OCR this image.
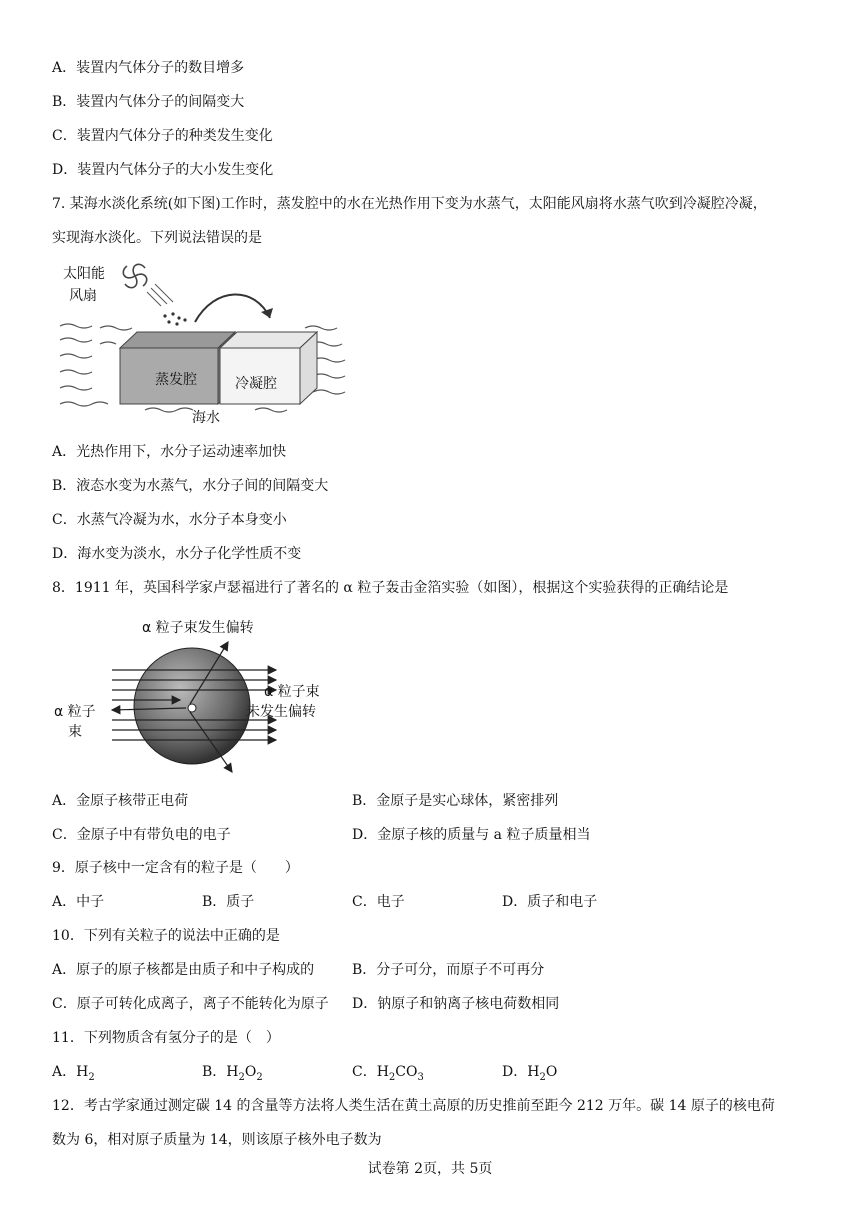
A．装置内气体分子的数目增多
B．装置内气体分子的间隔变大
C．装置内气体分子的种类发生变化
D．装置内气体分子的大小发生变化
7. 某海水淡化系统(如下图)工作时，蒸发腔中的水在光热作用下变为水蒸气，太阳能风扇将水蒸气吹到冷凝腔冷凝，
实现海水淡化。下列说法错误的是
太阳能
风扇
蒸发腔	冷凝腔
海水
A．光热作用下，水分子运动速率加快
B．液态水变为水蒸气，水分子间的间隔变大
C．水蒸气冷凝为水，水分子本身变小
D．海水变为淡水，水分子化学性质不变
8．1911 年，英国科学家卢瑟福进行了著名的 α 粒子轰击金箔实验（如图），根据这个实验获得的正确结论是
α 粒子束发生偏转
α 粒子
束
α 粒子束
未发生偏转
A．金原子核带正电荷	B．金原子是实心球体，紧密排列
C．金原子中有带负电的电子	D．金原子核的质量与 a 粒子质量相当
9．原子核中一定含有的粒子是（　　）
A．中子	B．质子	C．电子	D．质子和电子
10．下列有关粒子的说法中正确的是
A．原子的原子核都是由质子和中子构成的	B．分子可分，而原子不可再分
C．原子可转化成离子，离子不能转化为原子 D．钠原子和钠离子核电荷数相同
11．下列物质含有氢分子的是（　）
A．$H_2$	B．$H_2O_2$	C．$H_2CO_3$	D．$H_2O$
12．考古学家通过测定碳 14 的含量等方法将人类生活在黄土高原的历史推前至距今 212 万年。碳 14 原子的核电荷
数为 6，相对原子质量为 14，则该原子核外电子数为
试卷第 2页，共 5页
